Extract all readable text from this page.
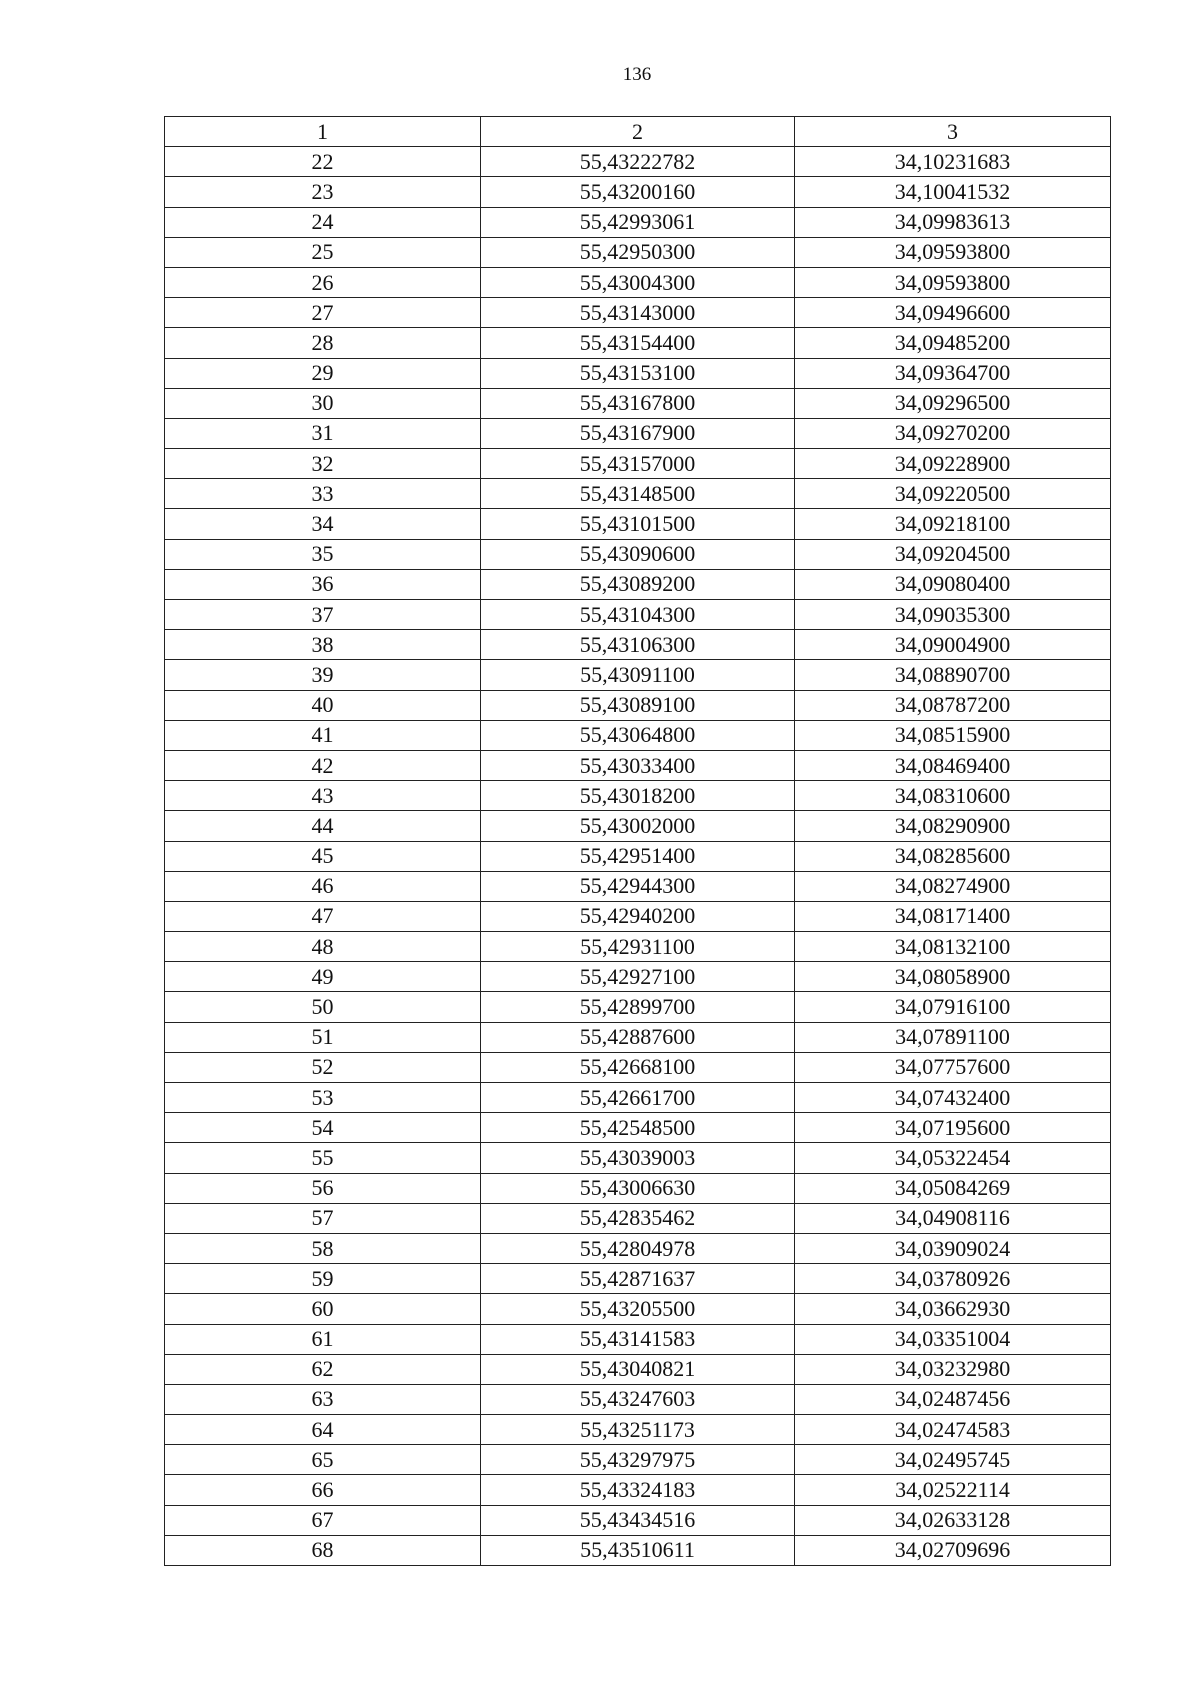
136
1	2	3
22	55,43222782	34,10231683
23	55,43200160	34,10041532
24	55,42993061	34,09983613
25	55,42950300	34,09593800
26	55,43004300	34,09593800
27	55,43143000	34,09496600
28	55,43154400	34,09485200
29	55,43153100	34,09364700
30	55,43167800	34,09296500
31	55,43167900	34,09270200
32	55,43157000	34,09228900
33	55,43148500	34,09220500
34	55,43101500	34,09218100
35	55,43090600	34,09204500
36	55,43089200	34,09080400
37	55,43104300	34,09035300
38	55,43106300	34,09004900
39	55,43091100	34,08890700
40	55,43089100	34,08787200
41	55,43064800	34,08515900
42	55,43033400	34,08469400
43	55,43018200	34,08310600
44	55,43002000	34,08290900
45	55,42951400	34,08285600
46	55,42944300	34,08274900
47	55,42940200	34,08171400
48	55,42931100	34,08132100
49	55,42927100	34,08058900
50	55,42899700	34,07916100
51	55,42887600	34,07891100
52	55,42668100	34,07757600
53	55,42661700	34,07432400
54	55,42548500	34,07195600
55	55,43039003	34,05322454
56	55,43006630	34,05084269
57	55,42835462	34,04908116
58	55,42804978	34,03909024
59	55,42871637	34,03780926
60	55,43205500	34,03662930
61	55,43141583	34,03351004
62	55,43040821	34,03232980
63	55,43247603	34,02487456
64	55,43251173	34,02474583
65	55,43297975	34,02495745
66	55,43324183	34,02522114
67	55,43434516	34,02633128
68	55,43510611	34,02709696
